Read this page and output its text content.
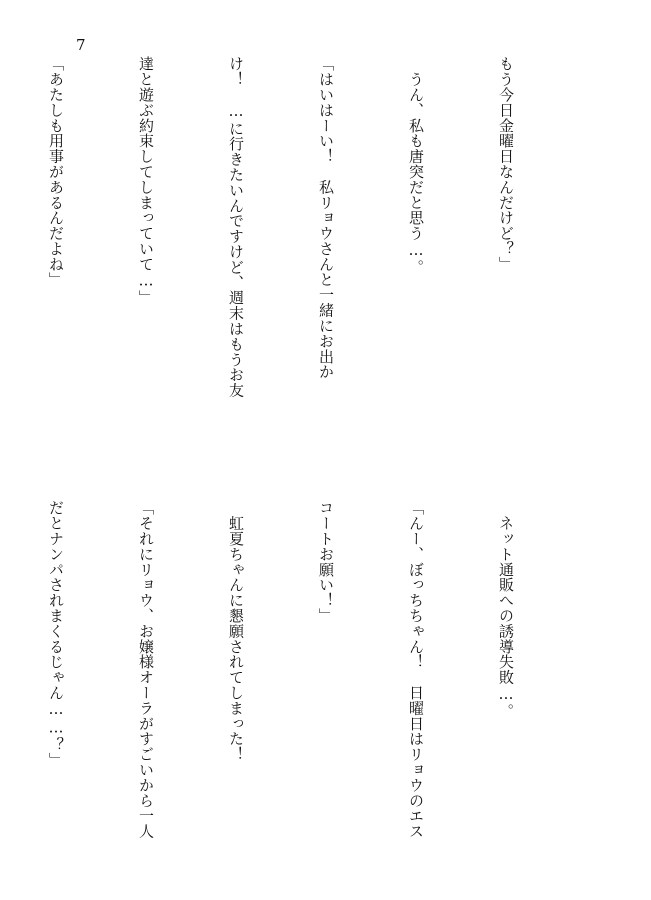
7

もう今日金曜日なんだけど？」

　うん、私も唐突だと思う…。

「はいはーい！　私リョウさんと一緒にお出か

け！　…に行きたいんですけど、週末はもうお友

達と遊ぶ約束してしまっていて…」

「あたしも用事があるんだよね」

　ネット通販への誘導失敗…。

「んー、ぼっちちゃん！　日曜日はリョウのエス

コートお願い！」

　虹夏ちゃんに懇願されてしまった！

「それにリョウ、お嬢様オーラがすごいから一人

だとナンパされまくるじゃん……？」
